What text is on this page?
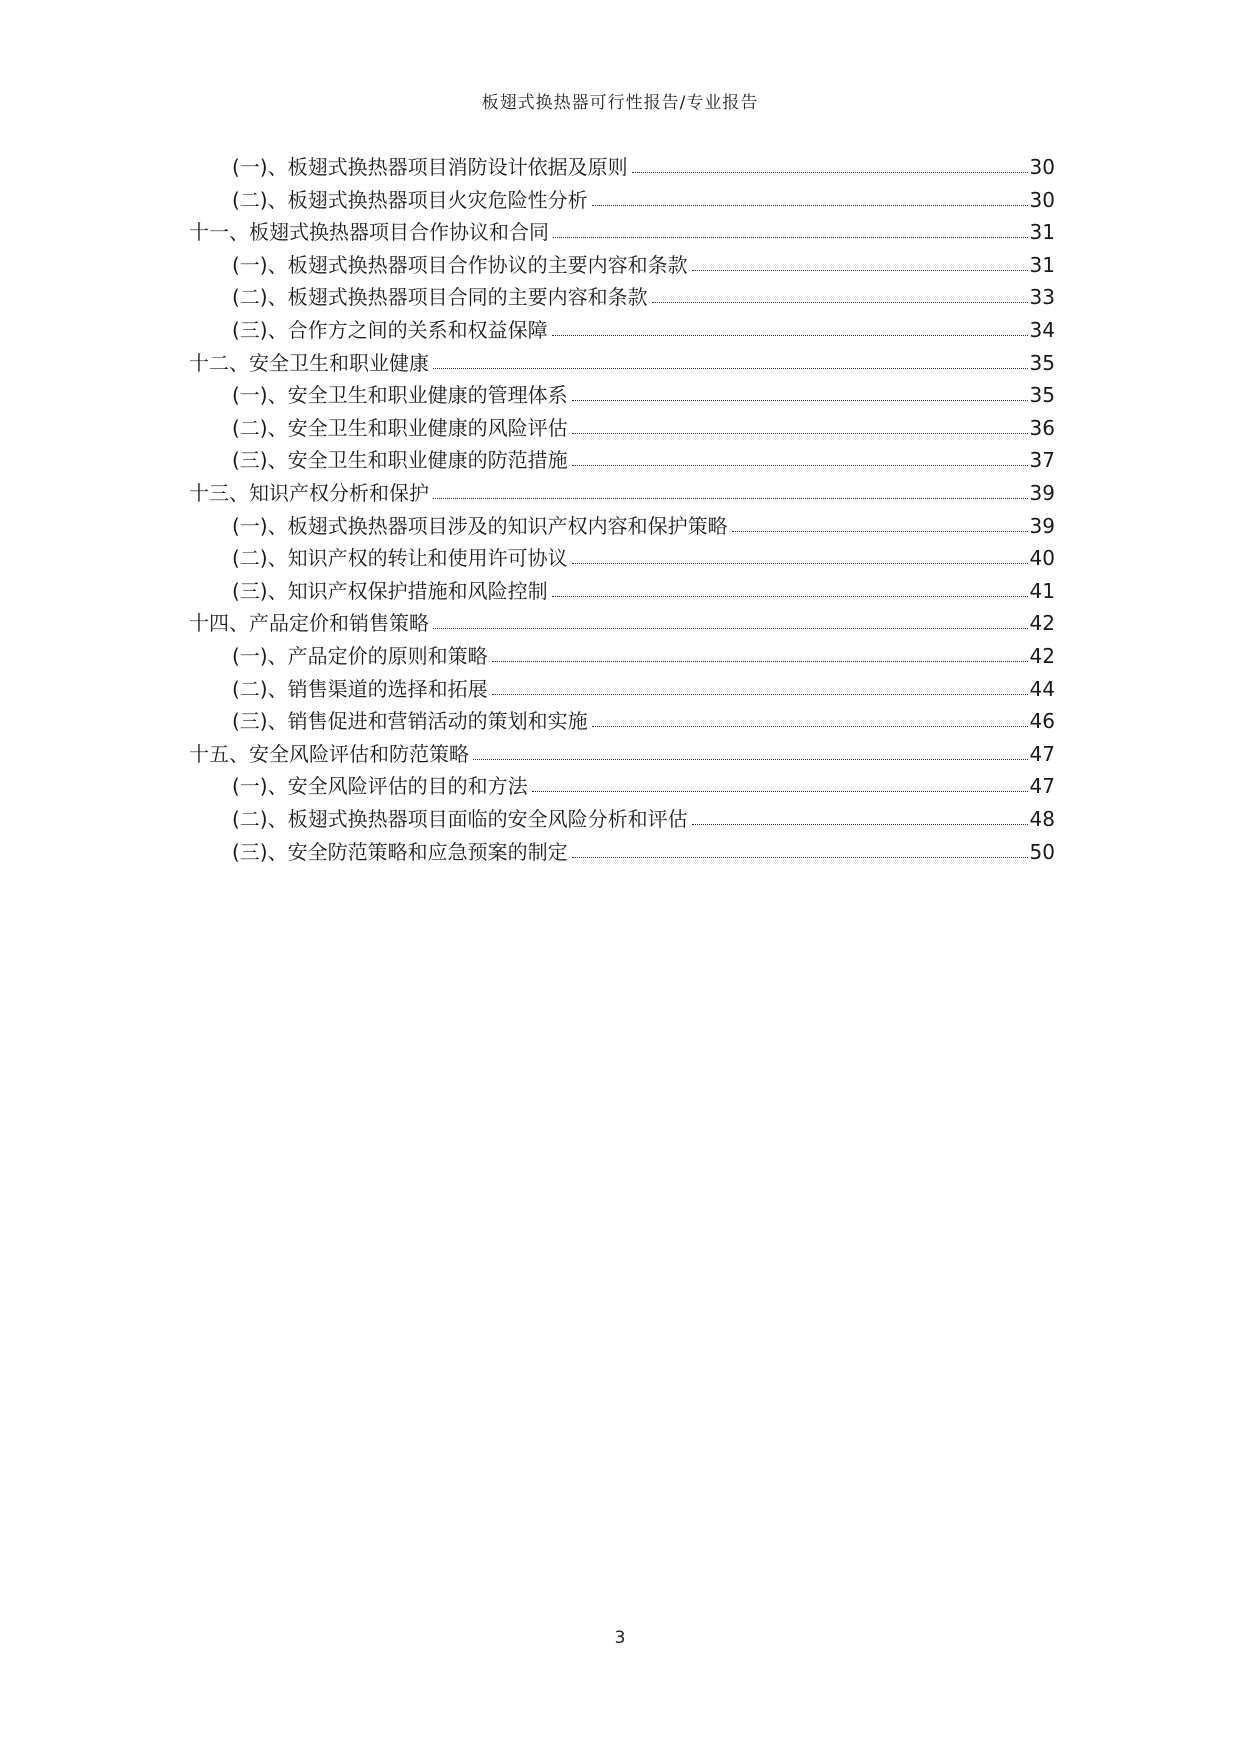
板翅式换热器可行性报告/专业报告
(一)、板翅式换热器项目消防设计依据及原则	30
(二)、板翅式换热器项目火灾危险性分析	30
十一、板翅式换热器项目合作协议和合同	31
(一)、板翅式换热器项目合作协议的主要内容和条款	31
(二)、板翅式换热器项目合同的主要内容和条款	33
(三)、合作方之间的关系和权益保障	34
十二、安全卫生和职业健康	35
(一)、安全卫生和职业健康的管理体系	35
(二)、安全卫生和职业健康的风险评估	36
(三)、安全卫生和职业健康的防范措施	37
十三、知识产权分析和保护	39
(一)、板翅式换热器项目涉及的知识产权内容和保护策略	39
(二)、知识产权的转让和使用许可协议	40
(三)、知识产权保护措施和风险控制	41
十四、产品定价和销售策略	42
(一)、产品定价的原则和策略	42
(二)、销售渠道的选择和拓展	44
(三)、销售促进和营销活动的策划和实施	46
十五、安全风险评估和防范策略	47
(一)、安全风险评估的目的和方法	47
(二)、板翅式换热器项目面临的安全风险分析和评估	48
(三)、安全防范策略和应急预案的制定	50
3
